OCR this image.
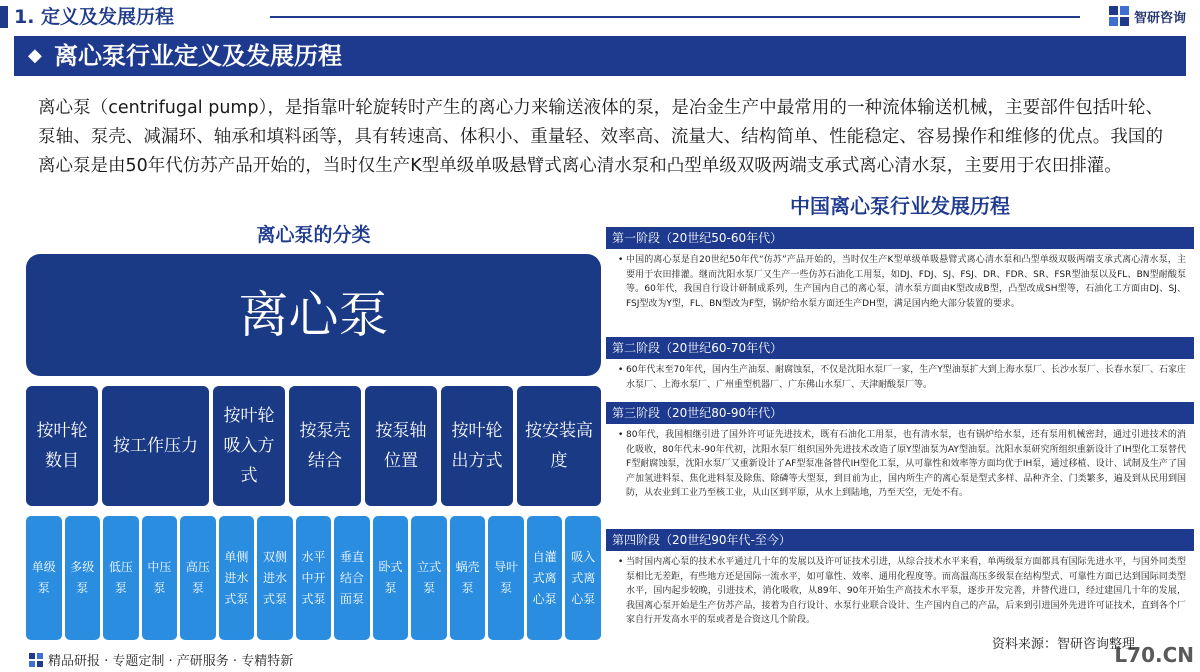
1. 定义及发展历程	智研咨询
◆ 离心泵行业定义及发展历程

离心泵（centrifugal pump），是指靠叶轮旋转时产生的离心力来输送液体的泵，是冶金生产中最常用的一种流体输送机械，主要部件包括叶轮、泵轴、泵壳、减漏环、轴承和填料函等，具有转速高、体积小、重量轻、效率高、流量大、结构简单、性能稳定、容易操作和维修的优点。我国的离心泵是由50年代仿苏产品开始的，当时仅生产K型单级单吸悬臂式离心清水泵和凸型单级双吸两端支承式离心清水泵，主要用于农田排灌。

离心泵的分类
离心泵
按叶轮数目
按工作压力
按叶轮吸入方式
按泵壳结合
按泵轴位置
按叶轮出方式
按安装高度
单级泵
多级泵
低压泵
中压泵
高压泵
单侧进水式泵
双侧进水式泵
水平中开式泵
垂直结合面泵
卧式泵
立式泵
蜗壳泵
导叶泵
自灌式离心泵
吸入式离心泵
中国离心泵行业发展历程
第一阶段（20世纪50-60年代）
• 中国的离心泵是自20世纪50年代“仿苏”产品开始的，当时仅生产K型单级单吸悬臂式离心清水泵和凸型单级双吸两端支承式离心清水泵，主要用于农田排灌。继而沈阳水泵厂又生产一些仿苏石油化工用泵，如DJ、FDJ、SJ、FSJ、DR、FDR、SR、FSR型油泵以及FL、BN型耐酸泵等。60年代，我国自行设计研制成系列，生产国内自己的离心泵，清水泵方面由K型改成B型，凸型改成SH型等，石油化工方面由DJ、SJ、FSJ型改为Y型，FL、BN型改为F型，锅炉给水泵方面还生产DH型，满足国内绝大部分装置的要求。
第二阶段（20世纪60-70年代）
• 60年代末至70年代，国内生产油泵、耐腐蚀泵，不仅是沈阳水泵厂一家，生产Y型油泵扩大到上海水泵厂、长沙水泵厂、长春水泵厂、石家庄水泵厂、上海水泵厂、广州重型机器厂、广东佛山水泵厂、天津耐酸泵厂等。
第三阶段（20世纪80-90年代）
• 80年代，我国相继引进了国外许可证先进技术，既有石油化工用泵，也有清水泵，也有锅炉给水泵，还有泵用机械密封，通过引进技术的消化吸收，80年代末-90年代初，沈阳水泵厂组织国外先进技术改造了原Y型油泵为AY型油泵。沈阳水泵研究所组织重新设计了IH型化工泵替代F型耐腐蚀泵，沈阳水泵厂又重新设计了AF型泵准备替代IH型化工泵，从可靠性和效率等方面均优于IH泵，通过移植、设计、试制及生产了国产加氢进料泵、焦化进料泵及除焦、除磷等大型泵，到目前为止，国内所生产的离心泵是型式多样、品种齐全、门类繁多，遍及到从民用到国防，从农业到工业乃至核工业，从山区到平原，从水上到陆地，乃至天空，无处不有。
第四阶段（20世纪90年代-至今）
• 当时国内离心泵的技术水平通过几十年的发展以及许可证技术引进，从综合技术水平来看，单两级泵方面都具有国际先进水平，与国外同类型泵相比无差距，有些地方还是国际一流水平，如可靠性、效率、通用化程度等。而高温高压多级泵在结构型式、可靠性方面已达到国际同类型水平，国内起步较晚，引进技术，消化吸收，从89年、90年开始生产高技术水平泵，逐步开发完善，并替代进口，经过建国几十年的发展，我国离心泵开始是生产仿苏产品，接着为自行设计、水泵行业联合设计、生产国内自己的产品，后来到引进国外先进许可证技术，直到各个厂家自行开发高水平的泵或者是合资这几个阶段。
资料来源：智研咨询整理
精品研报 · 专题定制 · 产研服务 · 专精特新	L70.CN
